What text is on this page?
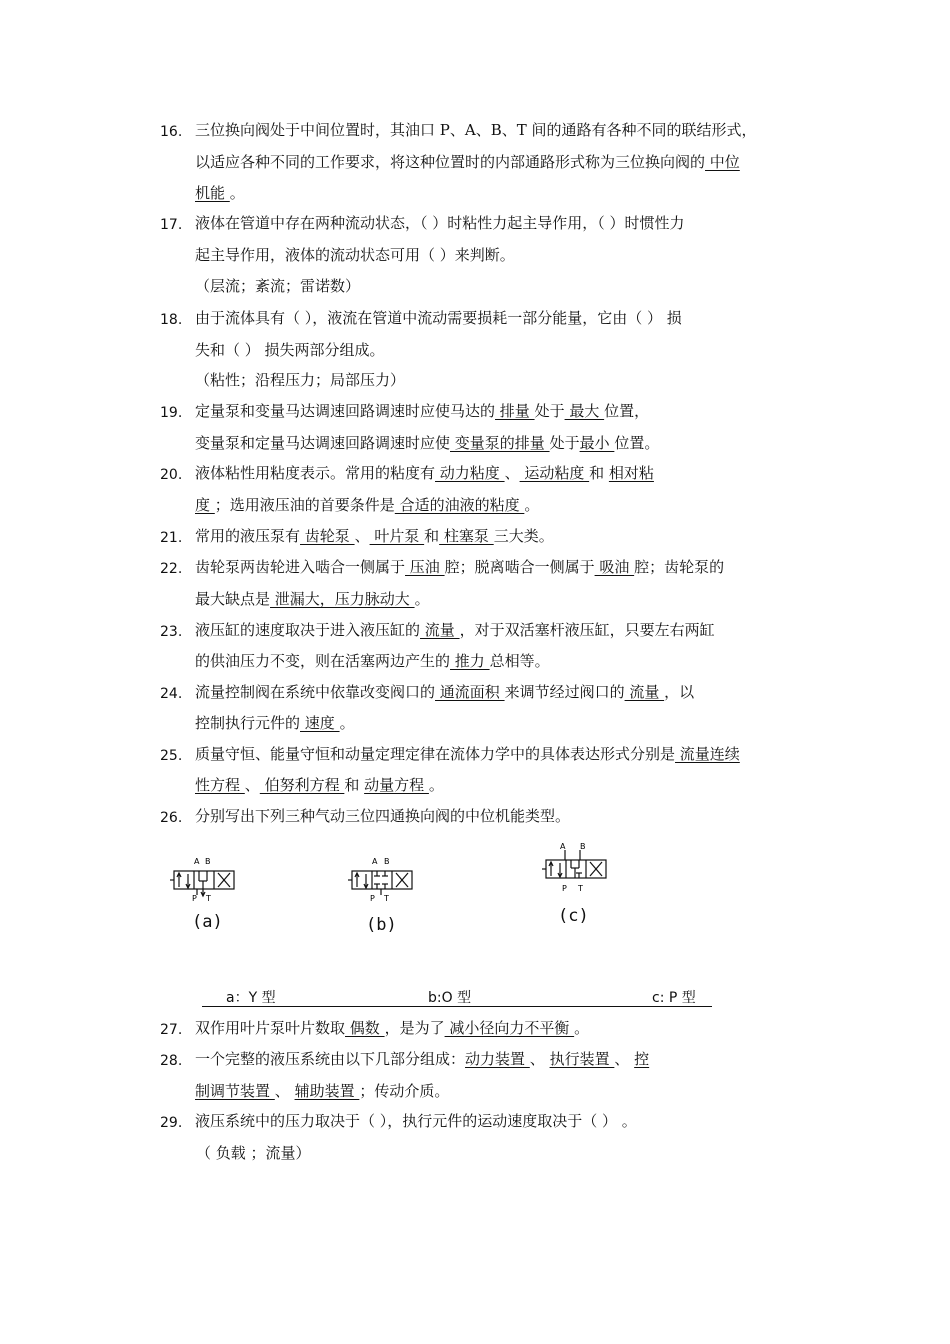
16. 三位换向阀处于中间位置时，其油口 P、A、B、T 间的通路有各种不同的联结形式，
以适应各种不同的工作要求，将这种位置时的内部通路形式称为三位换向阀的 中位
机能 。
17. 液体在管道中存在两种流动状态，（ ）时粘性力起主导作用，（ ）时惯性力
起主导作用，液体的流动状态可用（ ）来判断。
（层流；紊流；雷诺数）
18. 由于流体具有（ ），液流在管道中流动需要损耗一部分能量，它由（ ） 损
失和（ ） 损失两部分组成。
（粘性；沿程压力；局部压力）
19. 定量泵和变量马达调速回路调速时应使马达的 排量 处于 最大 位置，
变量泵和定量马达调速回路调速时应使 变量泵的排量 处于最小 位置。
20. 液体粘性用粘度表示。常用的粘度有 动力粘度 、 运动粘度 和 相对粘
度 ；选用液压油的首要条件是 合适的油液的粘度 。
21. 常用的液压泵有 齿轮泵 、 叶片泵 和 柱塞泵 三大类。
22. 齿轮泵两齿轮进入啮合一侧属于 压油 腔；脱离啮合一侧属于 吸油 腔；齿轮泵的
最大缺点是 泄漏大，压力脉动大 。
23. 液压缸的速度取决于进入液压缸的 流量 ，对于双活塞杆液压缸，只要左右两缸
的供油压力不变，则在活塞两边产生的 推力 总相等。
24. 流量控制阀在系统中依靠改变阀口的 通流面积 来调节经过阀口的 流量 ，以
控制执行元件的 速度 。
25. 质量守恒、能量守恒和动量定理定律在流体力学中的具体表达形式分别是 流量连续
性方程 、 伯努利方程 和 动量方程 。
26. 分别写出下列三种气动三位四通换向阀的中位机能类型。
A B
P T
(a)
A B
P T
(b)
A B
P T
(c)
a：Y 型	b:O 型	c: P 型
27. 双作用叶片泵叶片数取 偶数 ，是为了 减小径向力不平衡 。
28. 一个完整的液压系统由以下几部分组成：动力装置 、 执行装置 、 控
制调节装置 、 辅助装置 ；传动介质。
29. 液压系统中的压力取决于（ ），执行元件的运动速度取决于（ ） 。
（ 负载 ；流量）
